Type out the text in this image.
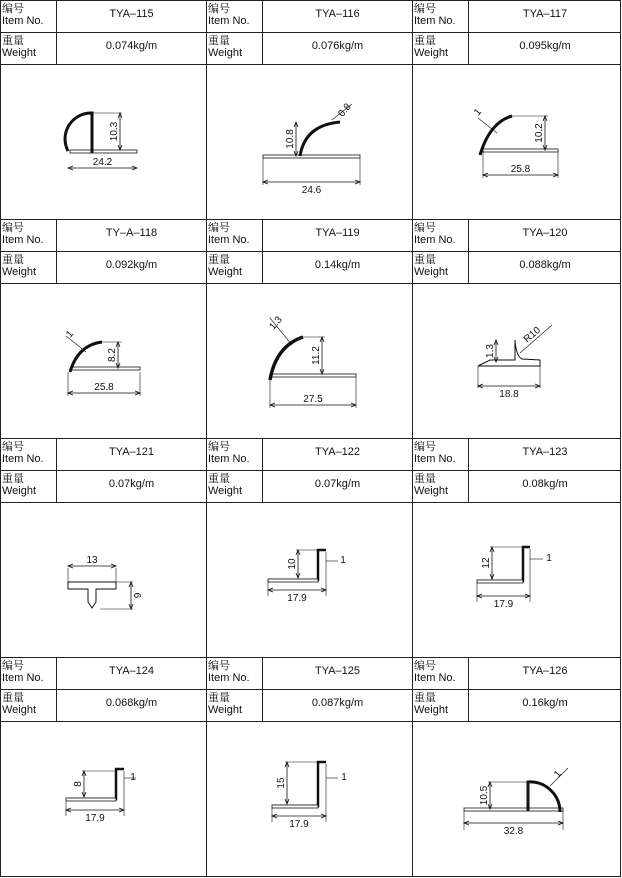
编号
Item No.
TYA–115
重量
Weight
0.074kg/m
编号
Item No.
TYA–116
重量
Weight
0.076kg/m
编号
Item No.
TYA–117
重量
Weight
0.095kg/m
编号
Item No.
TY–A–118
重量
Weight
0.092kg/m
编号
Item No.
TYA–119
重量
Weight
0.14kg/m
编号
Item No.
TYA–120
重量
Weight
0.088kg/m
编号
Item No.
TYA–121
重量
Weight
0.07kg/m
编号
Item No.
TYA–122
重量
Weight
0.07kg/m
编号
Item No.
TYA–123
重量
Weight
0.08kg/m
编号
Item No.
TYA–124
重量
Weight
0.068kg/m
编号
Item No.
TYA–125
重量
Weight
0.087kg/m
编号
Item No.
TYA–126
重量
Weight
0.16kg/m
10.3
24.2
10.8
24.6
0.8
10.2
25.8
1
8.2
25.8
1
11.2
27.5
1.3
18.8
1.3
R10
13
9
10
17.9
1	12
17.9
1
8
17.9
1	15
17.9
1
10.5
32.8
1
